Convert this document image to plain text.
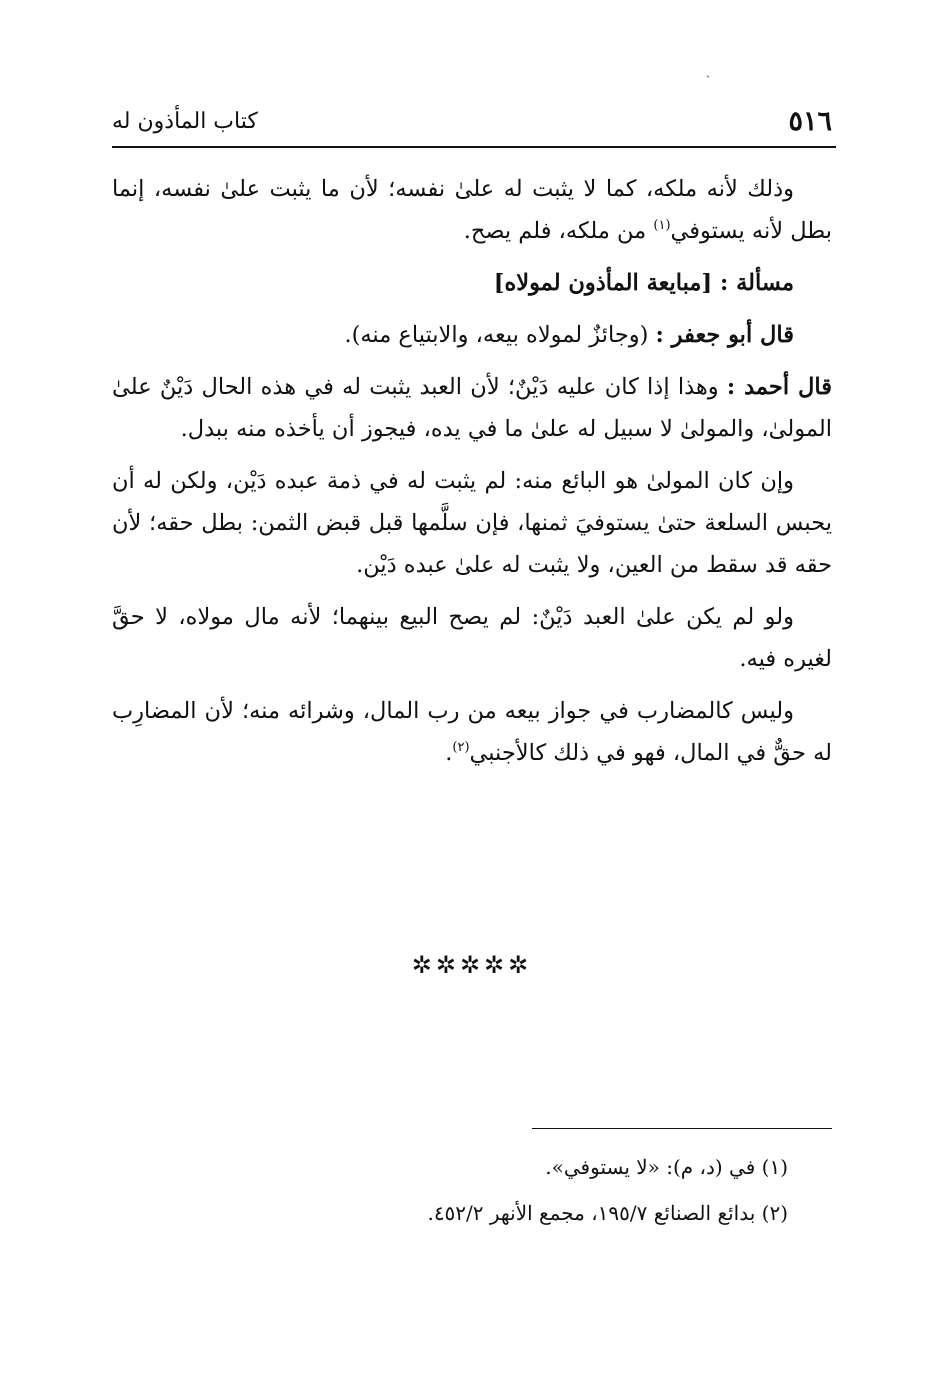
ˎ
٥١٦
كتاب المأذون له

وذلك لأنه ملكه، كما لا يثبت له علىٰ نفسه؛ لأن ما يثبت علىٰ نفسه، إنما بطل لأنه يستوفي$^{(١)}$ من ملكه، فلم يصح.

مسألة : [مبايعة المأذون لمولاه]

قال أبو جعفر : (وجائزٌ لمولاه بيعه، والابتياع منه).

قال أحمد : وهذا إذا كان عليه دَيْنٌ؛ لأن العبد يثبت له في هذه الحال دَيْنٌ علىٰ المولىٰ، والمولىٰ لا سبيل له علىٰ ما في يده، فيجوز أن يأخذه منه ببدل.

وإن كان المولىٰ هو البائع منه: لم يثبت له في ذمة عبده دَيْن، ولكن له أن يحبس السلعة حتىٰ يستوفيَ ثمنها، فإن سلَّمها قبل قبض الثمن: بطل حقه؛ لأن حقه قد سقط من العين، ولا يثبت له علىٰ عبده دَيْن.

ولو لم يكن علىٰ العبد دَيْنٌ: لم يصح البيع بينهما؛ لأنه مال مولاه، لا حقَّ لغيره فيه.

وليس كالمضارب في جواز بيعه من رب المال، وشرائه منه؛ لأن المضارِب له حقٌّ في المال، فهو في ذلك كالأجنبي$^{(٢)}$.

✲✲✲✲✲

(١) في (د، م): «لا يستوفي».

(٢) بدائع الصنائع ١٩٥/٧، مجمع الأنهر ٤٥٢/٢.
